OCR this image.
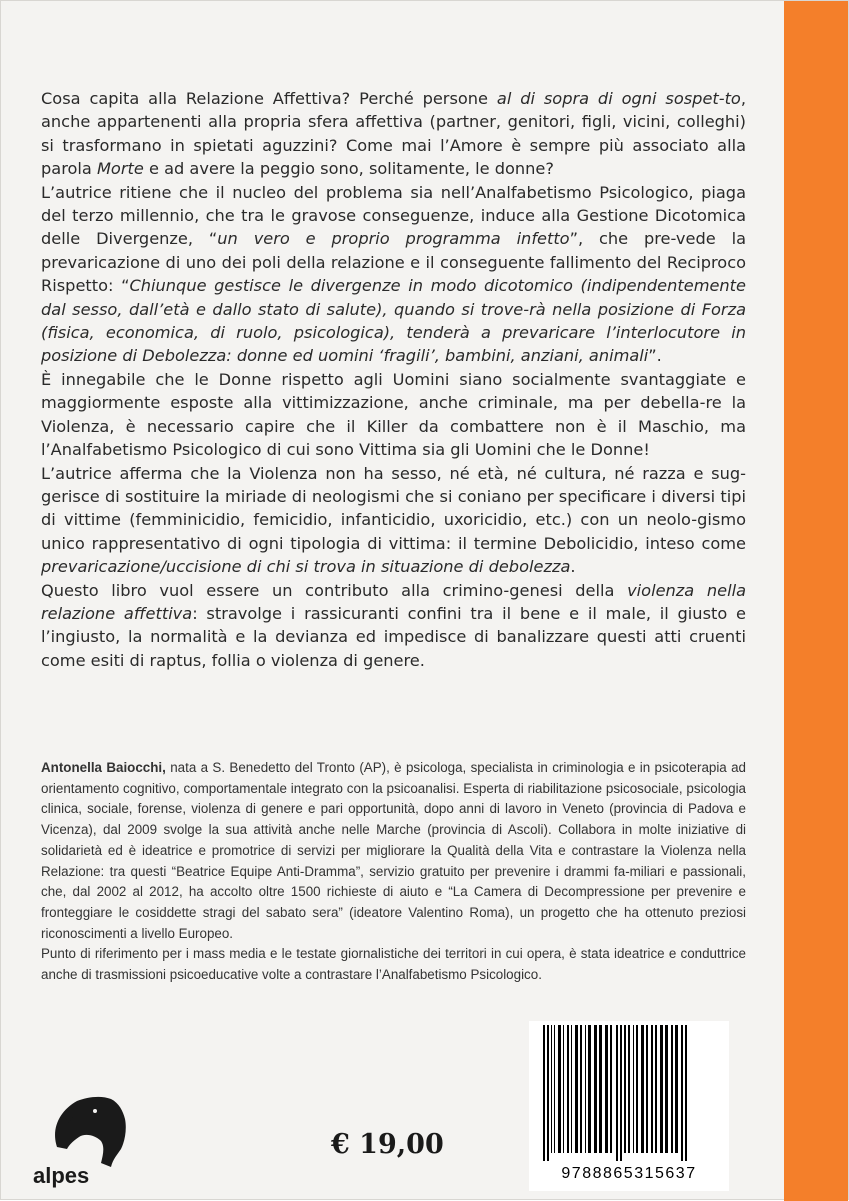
Cosa capita alla Relazione Affettiva? Perché persone al di sopra di ogni sospet-to, anche appartenenti alla propria sfera affettiva (partner, genitori, figli, vicini, colleghi) si trasformano in spietati aguzzini? Come mai l’Amore è sempre più associato alla parola Morte e ad avere la peggio sono, solitamente, le donne?

L’autrice ritiene che il nucleo del problema sia nell’Analfabetismo Psicologico, piaga del terzo millennio, che tra le gravose conseguenze, induce alla Gestione Dicotomica delle Divergenze, “un vero e proprio programma infetto”, che pre-vede la prevaricazione di uno dei poli della relazione e il conseguente fallimento del Reciproco Rispetto: “Chiunque gestisce le divergenze in modo dicotomico (indipendentemente dal sesso, dall’età e dallo stato di salute), quando si trove-rà nella posizione di Forza (fisica, economica, di ruolo, psicologica), tenderà a prevaricare l’interlocutore in posizione di Debolezza: donne ed uomini ‘fragili’, bambini, anziani, animali”.

È innegabile che le Donne rispetto agli Uomini siano socialmente svantaggiate e maggiormente esposte alla vittimizzazione, anche criminale, ma per debella-re la Violenza, è necessario capire che il Killer da combattere non è il Maschio, ma l’Analfabetismo Psicologico di cui sono Vittima sia gli Uomini che le Donne!

L’autrice afferma che la Violenza non ha sesso, né età, né cultura, né razza e sug-gerisce di sostituire la miriade di neologismi che si coniano per specificare i diversi tipi di vittime (femminicidio, femicidio, infanticidio, uxoricidio, etc.) con un neolo-gismo unico rappresentativo di ogni tipologia di vittima: il termine Debolicidio, inteso come prevaricazione/uccisione di chi si trova in situazione di debolezza.

Questo libro vuol essere un contributo alla crimino-genesi della violenza nella relazione affettiva: stravolge i rassicuranti confini tra il bene e il male, il giusto e l’ingiusto, la normalità e la devianza ed impedisce di banalizzare questi atti cruenti come esiti di raptus, follia o violenza di genere.

Antonella Baiocchi, nata a S. Benedetto del Tronto (AP), è psicologa, specialista in criminologia e in psicoterapia ad orientamento cognitivo, comportamentale integrato con la psicoanalisi. Esperta di riabilitazione psicosociale, psicologia clinica, sociale, forense, violenza di genere e pari opportunità, dopo anni di lavoro in Veneto (provincia di Padova e Vicenza), dal 2009 svolge la sua attività anche nelle Marche (provincia di Ascoli). Collabora in molte iniziative di solidarietà ed è ideatrice e promotrice di servizi per migliorare la Qualità della Vita e contrastare la Violenza nella Relazione: tra questi “Beatrice Equipe Anti-Dramma”, servizio gratuito per prevenire i drammi fa-miliari e passionali, che, dal 2002 al 2012, ha accolto oltre 1500 richieste di aiuto e “La Camera di Decompressione per prevenire e fronteggiare le cosiddette stragi del sabato sera” (ideatore Valentino Roma), un progetto che ha ottenuto preziosi riconoscimenti a livello Europeo.

Punto di riferimento per i mass media e le testate giornalistiche dei territori in cui opera, è stata ideatrice e conduttrice anche di trasmissioni psicoeducative volte a contrastare l’Analfabetismo Psicologico.

alpes
€ 19,00
9788865315637
